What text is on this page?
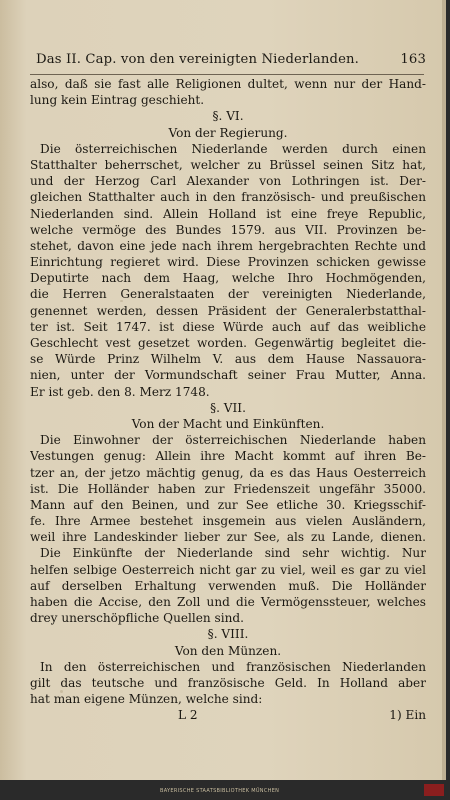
Das II. Cap. von den vereinigten Niederlanden.	163
also, daß sie fast alle Religionen dultet, wenn nur der Hand-
lung kein Eintrag geschieht.
§. VI.
Von der Regierung.
Die österreichischen Niederlande werden durch einen
Statthalter beherrschet, welcher zu Brüssel seinen Sitz hat,
und der Herzog Carl Alexander von Lothringen ist. Der-
gleichen Statthalter auch in den französisch- und preußischen
Niederlanden sind. Allein Holland ist eine freye Republic,
welche vermöge des Bundes 1579. aus VII. Provinzen be-
stehet, davon eine jede nach ihrem hergebrachten Rechte und
Einrichtung regieret wird. Diese Provinzen schicken gewisse
Deputirte nach dem Haag, welche Ihro Hochmögenden,
die Herren Generalstaaten der vereinigten Niederlande,
genennet werden, dessen Präsident der Generalerbstatthal-
ter ist. Seit 1747. ist diese Würde auch auf das weibliche
Geschlecht vest gesetzet worden. Gegenwärtig begleitet die-
se Würde Prinz Wilhelm V. aus dem Hause Nassauora-
nien, unter der Vormundschaft seiner Frau Mutter, Anna.
Er ist geb. den 8. Merz 1748.
§. VII.
Von der Macht und Einkünften.
Die Einwohner der österreichischen Niederlande haben
Vestungen genug: Allein ihre Macht kommt auf ihren Be-
tzer an, der jetzo mächtig genug, da es das Haus Oesterreich
ist. Die Holländer haben zur Friedenszeit ungefähr 35000.
Mann auf den Beinen, und zur See etliche 30. Kriegsschif-
fe. Ihre Armee bestehet insgemein aus vielen Ausländern,
weil ihre Landeskinder lieber zur See, als zu Lande, dienen.
Die Einkünfte der Niederlande sind sehr wichtig. Nur
helfen selbige Oesterreich nicht gar zu viel, weil es gar zu viel
auf derselben Erhaltung verwenden muß. Die Holländer
haben die Accise, den Zoll und die Vermögenssteuer, welches
drey unerschöpfliche Quellen sind.
§. VIII.
Von den Münzen.
In den österreichischen und französischen Niederlanden
gilt das teutsche und französische Geld. In Holland aber
hat man eigene Münzen, welche sind:
L 2	1) Ein
BAYERISCHE STAATSBIBLIOTHEK MÜNCHEN
